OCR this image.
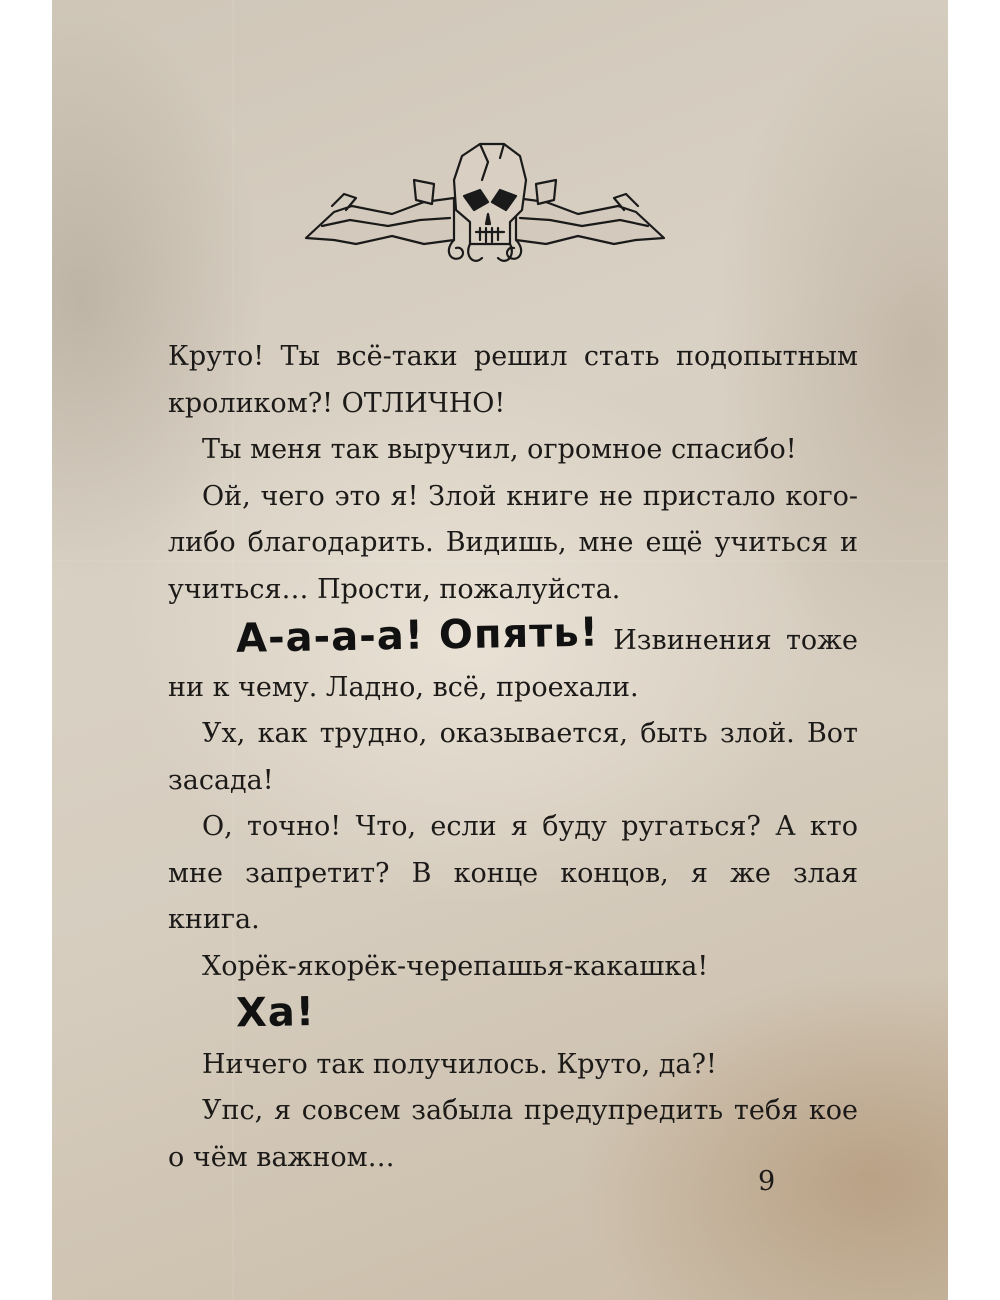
Круто! Ты всё-таки решил стать подопытным кроликом?! ОТЛИЧНО!

Ты меня так выручил, огромное спасибо!

Ой, чего это я! Злой книге не пристало кого-либо благодарить. Видишь, мне ещё учиться и учиться… Прости, пожалуйста.

А-а-а-а! Опять! Извинения тоже ни к чему. Ладно, всё, проехали.

Ух, как трудно, оказывается, быть злой. Вот засада!

О, точно! Что, если я буду ругаться? А кто мне запретит? В конце концов, я же злая книга.

Хорёк-якорёк-черепашья-какашка!

Ха!

Ничего так получилось. Круто, да?!

Упс, я совсем забыла предупредить тебя кое о чём важном…

9
